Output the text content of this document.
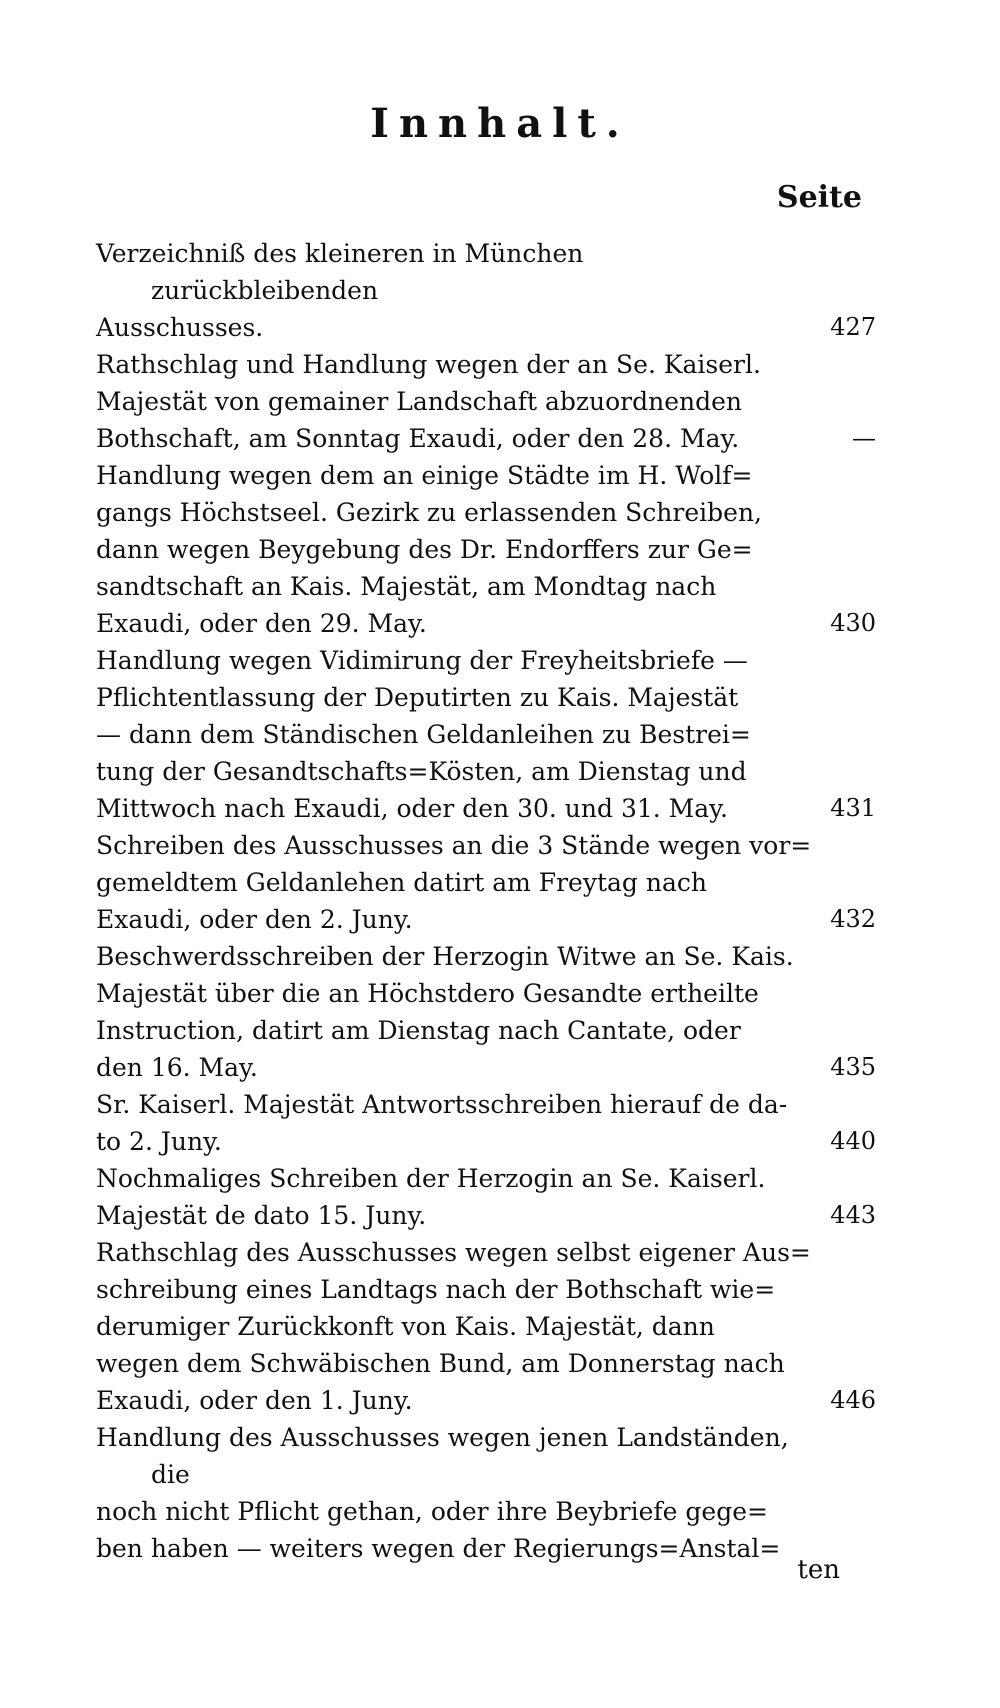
Innhalt.
Seite
Verzeichniß des kleineren in München zurückbleibenden
Ausschusses.	427
Rathschlag und Handlung wegen der an Se. Kaiserl.
Majestät von gemainer Landschaft abzuordnenden
Bothschaft, am Sonntag Exaudi, oder den 28. May.	—
Handlung wegen dem an einige Städte im H. Wolf=
gangs Höchstseel. Gezirk zu erlassenden Schreiben,
dann wegen Beygebung des Dr. Endorffers zur Ge=
sandtschaft an Kais. Majestät, am Mondtag nach
Exaudi, oder den 29. May.	430
Handlung wegen Vidimirung der Freyheitsbriefe —
Pflichtentlassung der Deputirten zu Kais. Majestät
— dann dem Ständischen Geldanleihen zu Bestrei=
tung der Gesandtschafts=Kösten, am Dienstag und
Mittwoch nach Exaudi, oder den 30. und 31. May.	431
Schreiben des Ausschusses an die 3 Stände wegen vor=
gemeldtem Geldanlehen datirt am Freytag nach
Exaudi, oder den 2. Juny.	432
Beschwerdsschreiben der Herzogin Witwe an Se. Kais.
Majestät über die an Höchstdero Gesandte ertheilte
Instruction, datirt am Dienstag nach Cantate, oder
den 16. May.	435
Sr. Kaiserl. Majestät Antwortsschreiben hierauf de da-
to 2. Juny.	440
Nochmaliges Schreiben der Herzogin an Se. Kaiserl.
Majestät de dato 15. Juny.	443
Rathschlag des Ausschusses wegen selbst eigener Aus=
schreibung eines Landtags nach der Bothschaft wie=
derumiger Zurückkonft von Kais. Majestät, dann
wegen dem Schwäbischen Bund, am Donnerstag nach
Exaudi, oder den 1. Juny.	446
Handlung des Ausschusses wegen jenen Landständen, die
noch nicht Pflicht gethan, oder ihre Beybriefe gege=
ben haben — weiters wegen der Regierungs=Anstal=
ten
